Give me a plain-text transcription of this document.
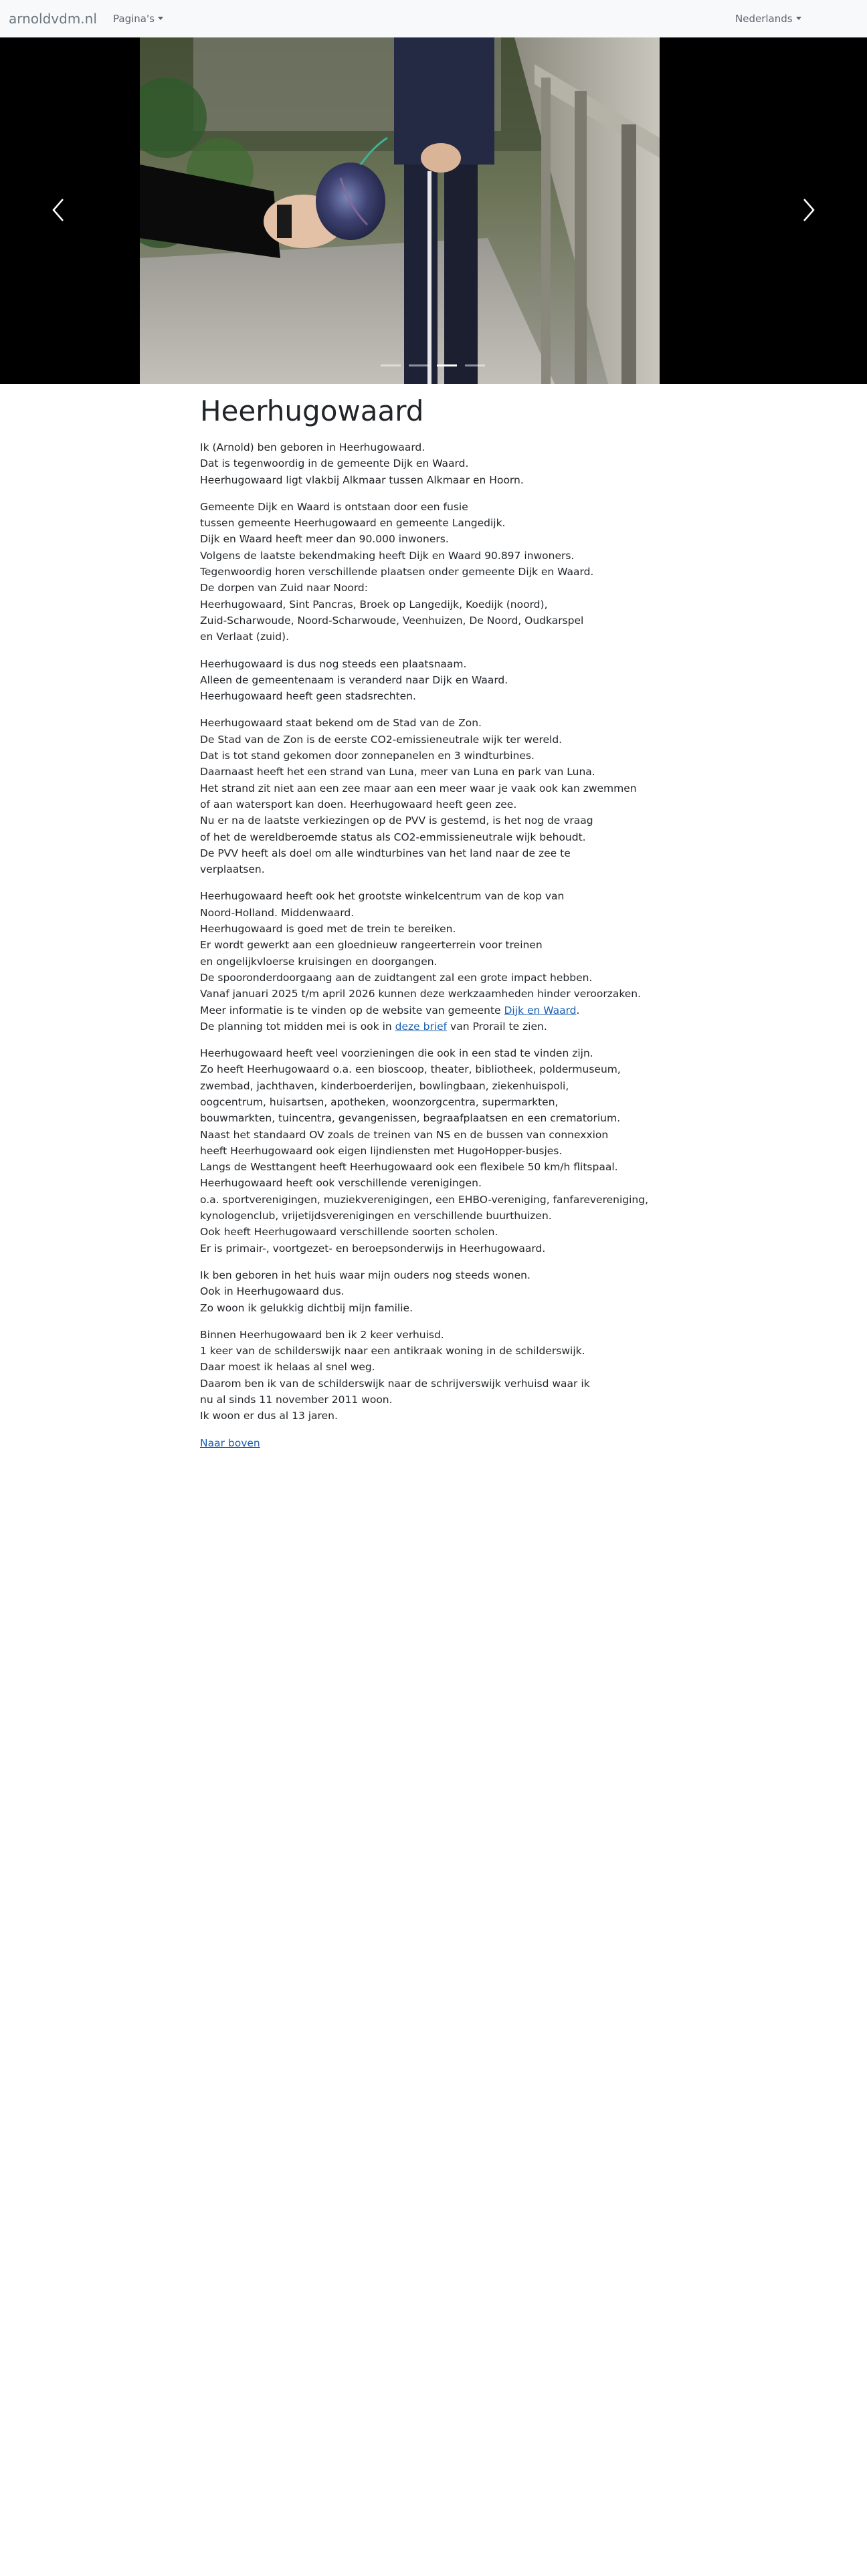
arnoldvdm.nl Pagina's	Nederlands
Heerhugowaard

Ik (Arnold) ben geboren in Heerhugowaard.
Dat is tegenwoordig in de gemeente Dijk en Waard.
Heerhugowaard ligt vlakbij Alkmaar tussen Alkmaar en Hoorn.

Gemeente Dijk en Waard is ontstaan door een fusie
tussen gemeente Heerhugowaard en gemeente Langedijk.
Dijk en Waard heeft meer dan 90.000 inwoners.
Volgens de laatste bekendmaking heeft Dijk en Waard 90.897 inwoners.
Tegenwoordig horen verschillende plaatsen onder gemeente Dijk en Waard.
De dorpen van Zuid naar Noord:
Heerhugowaard, Sint Pancras, Broek op Langedijk, Koedijk (noord),
Zuid-Scharwoude, Noord-Scharwoude, Veenhuizen, De Noord, Oudkarspel
en Verlaat (zuid).

Heerhugowaard is dus nog steeds een plaatsnaam.
Alleen de gemeentenaam is veranderd naar Dijk en Waard.
Heerhugowaard heeft geen stadsrechten.

Heerhugowaard staat bekend om de Stad van de Zon.
De Stad van de Zon is de eerste CO2-emissieneutrale wijk ter wereld.
Dat is tot stand gekomen door zonnepanelen en 3 windturbines.
Daarnaast heeft het een strand van Luna, meer van Luna en park van Luna.
Het strand zit niet aan een zee maar aan een meer waar je vaak ook kan zwemmen
of aan watersport kan doen. Heerhugowaard heeft geen zee.
Nu er na de laatste verkiezingen op de PVV is gestemd, is het nog de vraag
of het de wereldberoemde status als CO2-emmissieneutrale wijk behoudt.
De PVV heeft als doel om alle windturbines van het land naar de zee te
verplaatsen.

Heerhugowaard heeft ook het grootste winkelcentrum van de kop van
Noord-Holland. Middenwaard.
Heerhugowaard is goed met de trein te bereiken.
Er wordt gewerkt aan een gloednieuw rangeerterrein voor treinen
en ongelijkvloerse kruisingen en doorgangen.
De spooronderdoorgaang aan de zuidtangent zal een grote impact hebben.
Vanaf januari 2025 t/m april 2026 kunnen deze werkzaamheden hinder veroorzaken.
Meer informatie is te vinden op de website van gemeente Dijk en Waard.
De planning tot midden mei is ook in deze brief van Prorail te zien.

Heerhugowaard heeft veel voorzieningen die ook in een stad te vinden zijn.
Zo heeft Heerhugowaard o.a. een bioscoop, theater, bibliotheek, poldermuseum,
zwembad, jachthaven, kinderboerderijen, bowlingbaan, ziekenhuispoli,
oogcentrum, huisartsen, apotheken, woonzorgcentra, supermarkten,
bouwmarkten, tuincentra, gevangenissen, begraafplaatsen en een crematorium.
Naast het standaard OV zoals de treinen van NS en de bussen van connexxion
heeft Heerhugowaard ook eigen lijndiensten met HugoHopper-busjes.
Langs de Westtangent heeft Heerhugowaard ook een flexibele 50 km/h flitspaal.
Heerhugowaard heeft ook verschillende verenigingen.
o.a. sportverenigingen, muziekverenigingen, een EHBO-vereniging, fanfarevereniging,
kynologenclub, vrijetijdsverenigingen en verschillende buurthuizen.
Ook heeft Heerhugowaard verschillende soorten scholen.
Er is primair-, voortgezet- en beroepsonderwijs in Heerhugowaard.

Ik ben geboren in het huis waar mijn ouders nog steeds wonen.
Ook in Heerhugowaard dus.
Zo woon ik gelukkig dichtbij mijn familie.

Binnen Heerhugowaard ben ik 2 keer verhuisd.
1 keer van de schilderswijk naar een antikraak woning in de schilderswijk.
Daar moest ik helaas al snel weg.
Daarom ben ik van de schilderswijk naar de schrijverswijk verhuisd waar ik
nu al sinds 11 november 2011 woon.
Ik woon er dus al 13 jaren.

Naar boven
